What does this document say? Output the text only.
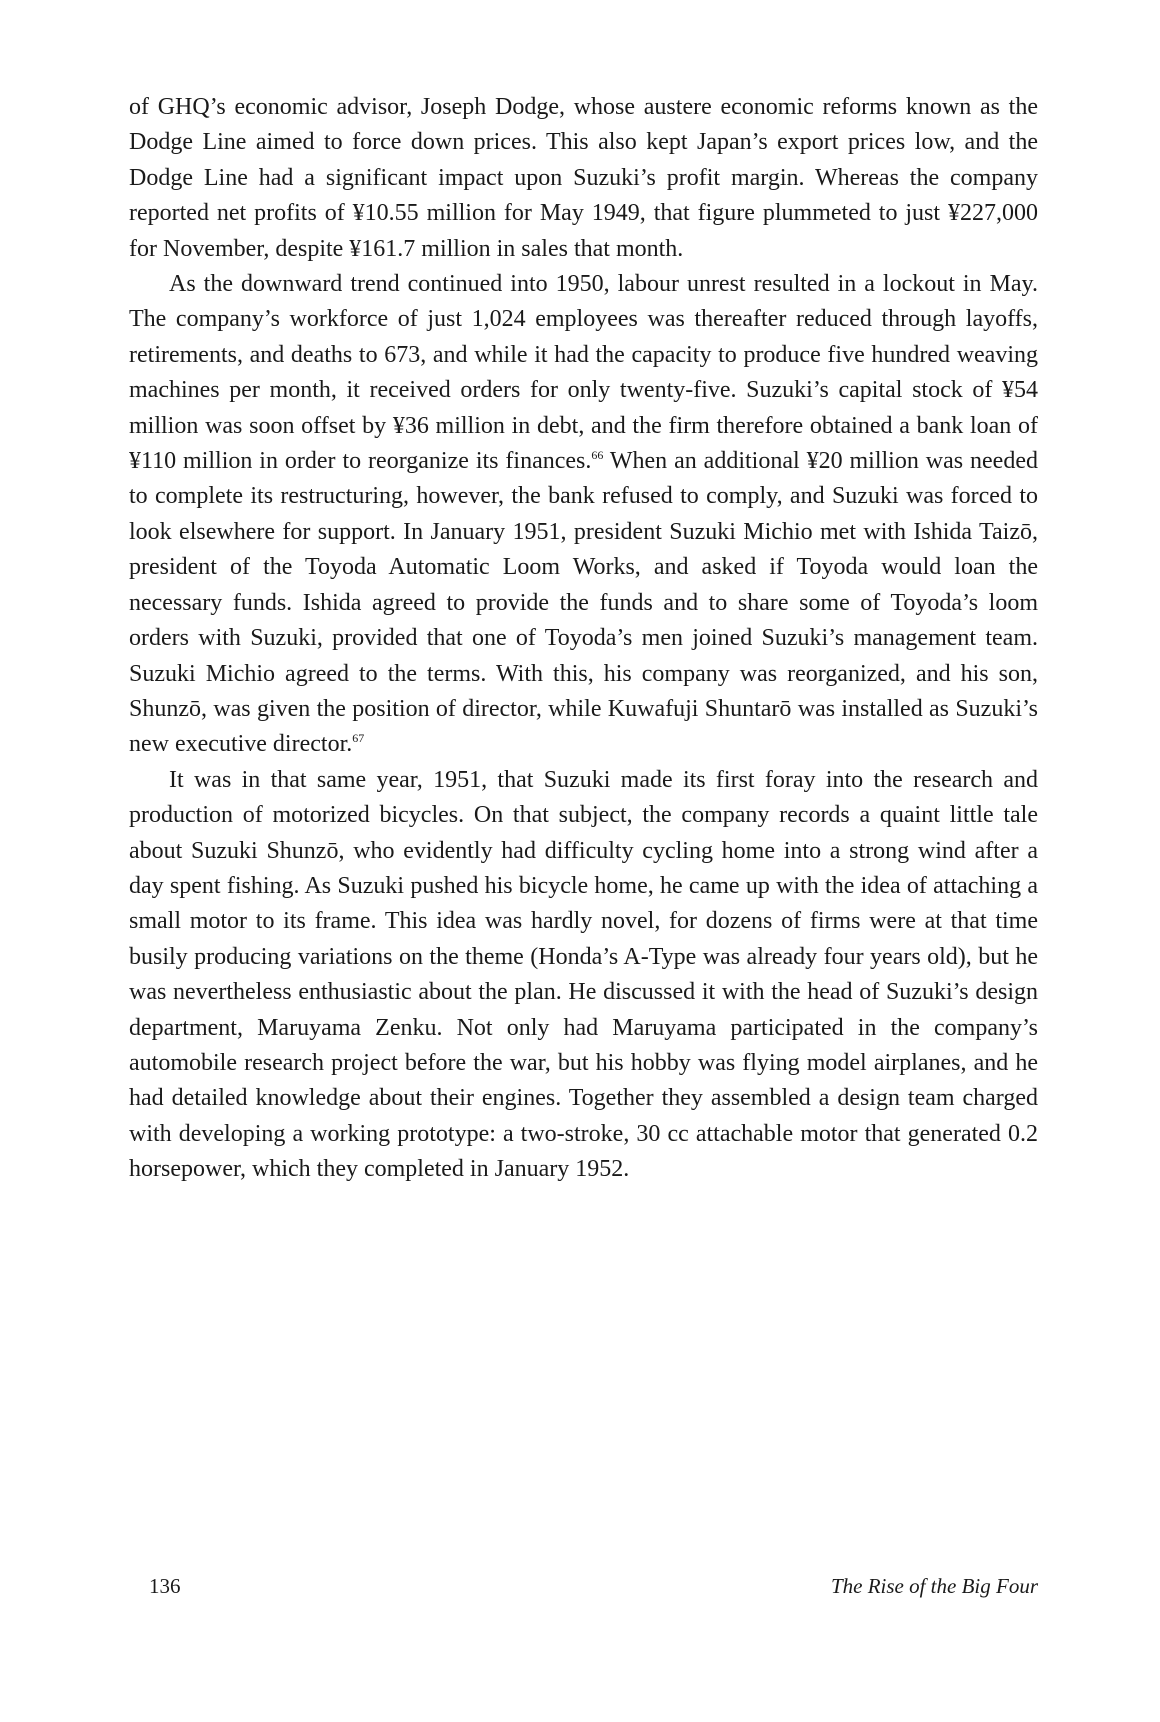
of GHQ’s economic advisor, Joseph Dodge, whose austere economic reforms known as the Dodge Line aimed to force down prices. This also kept Japan’s export prices low, and the Dodge Line had a significant impact upon Suzuki’s profit margin. Whereas the company reported net profits of ¥10.55 million for May 1949, that figure plummeted to just ¥227,000 for November, despite ¥161.7 million in sales that month.

As the downward trend continued into 1950, labour unrest resulted in a lockout in May. The company’s workforce of just 1,024 employees was thereafter reduced through layoffs, retirements, and deaths to 673, and while it had the capacity to produce five hundred weaving machines per month, it received orders for only twenty-five. Suzuki’s capital stock of ¥54 million was soon offset by ¥36 million in debt, and the firm therefore obtained a bank loan of ¥110 million in order to reorganize its finances.$^{66}$ When an additional ¥20 million was needed to complete its restructuring, however, the bank refused to comply, and Suzuki was forced to look elsewhere for support. In January 1951, president Suzuki Michio met with Ishida Taizō, president of the Toyoda Automatic Loom Works, and asked if Toyoda would loan the necessary funds. Ishida agreed to provide the funds and to share some of Toyoda’s loom orders with Suzuki, provided that one of Toyoda’s men joined Suzuki’s management team. Suzuki Michio agreed to the terms. With this, his company was reorganized, and his son, Shunzō, was given the position of director, while Kuwafuji Shuntarō was installed as Suzuki’s new executive director.$^{67}$

It was in that same year, 1951, that Suzuki made its first foray into the research and production of motorized bicycles. On that subject, the company records a quaint little tale about Suzuki Shunzō, who evidently had difficulty cycling home into a strong wind after a day spent fishing. As Suzuki pushed his bicycle home, he came up with the idea of attaching a small motor to its frame. This idea was hardly novel, for dozens of firms were at that time busily producing variations on the theme (Honda’s A-Type was already four years old), but he was nevertheless enthusiastic about the plan. He discussed it with the head of Suzuki’s design department, Maruyama Zenku. Not only had Maruyama participated in the company’s automobile research project before the war, but his hobby was flying model airplanes, and he had detailed knowledge about their engines. Together they assembled a design team charged with developing a working prototype: a two-stroke, 30 cc attachable motor that generated 0.2 horsepower, which they completed in January 1952.

136	The Rise of the Big Four
